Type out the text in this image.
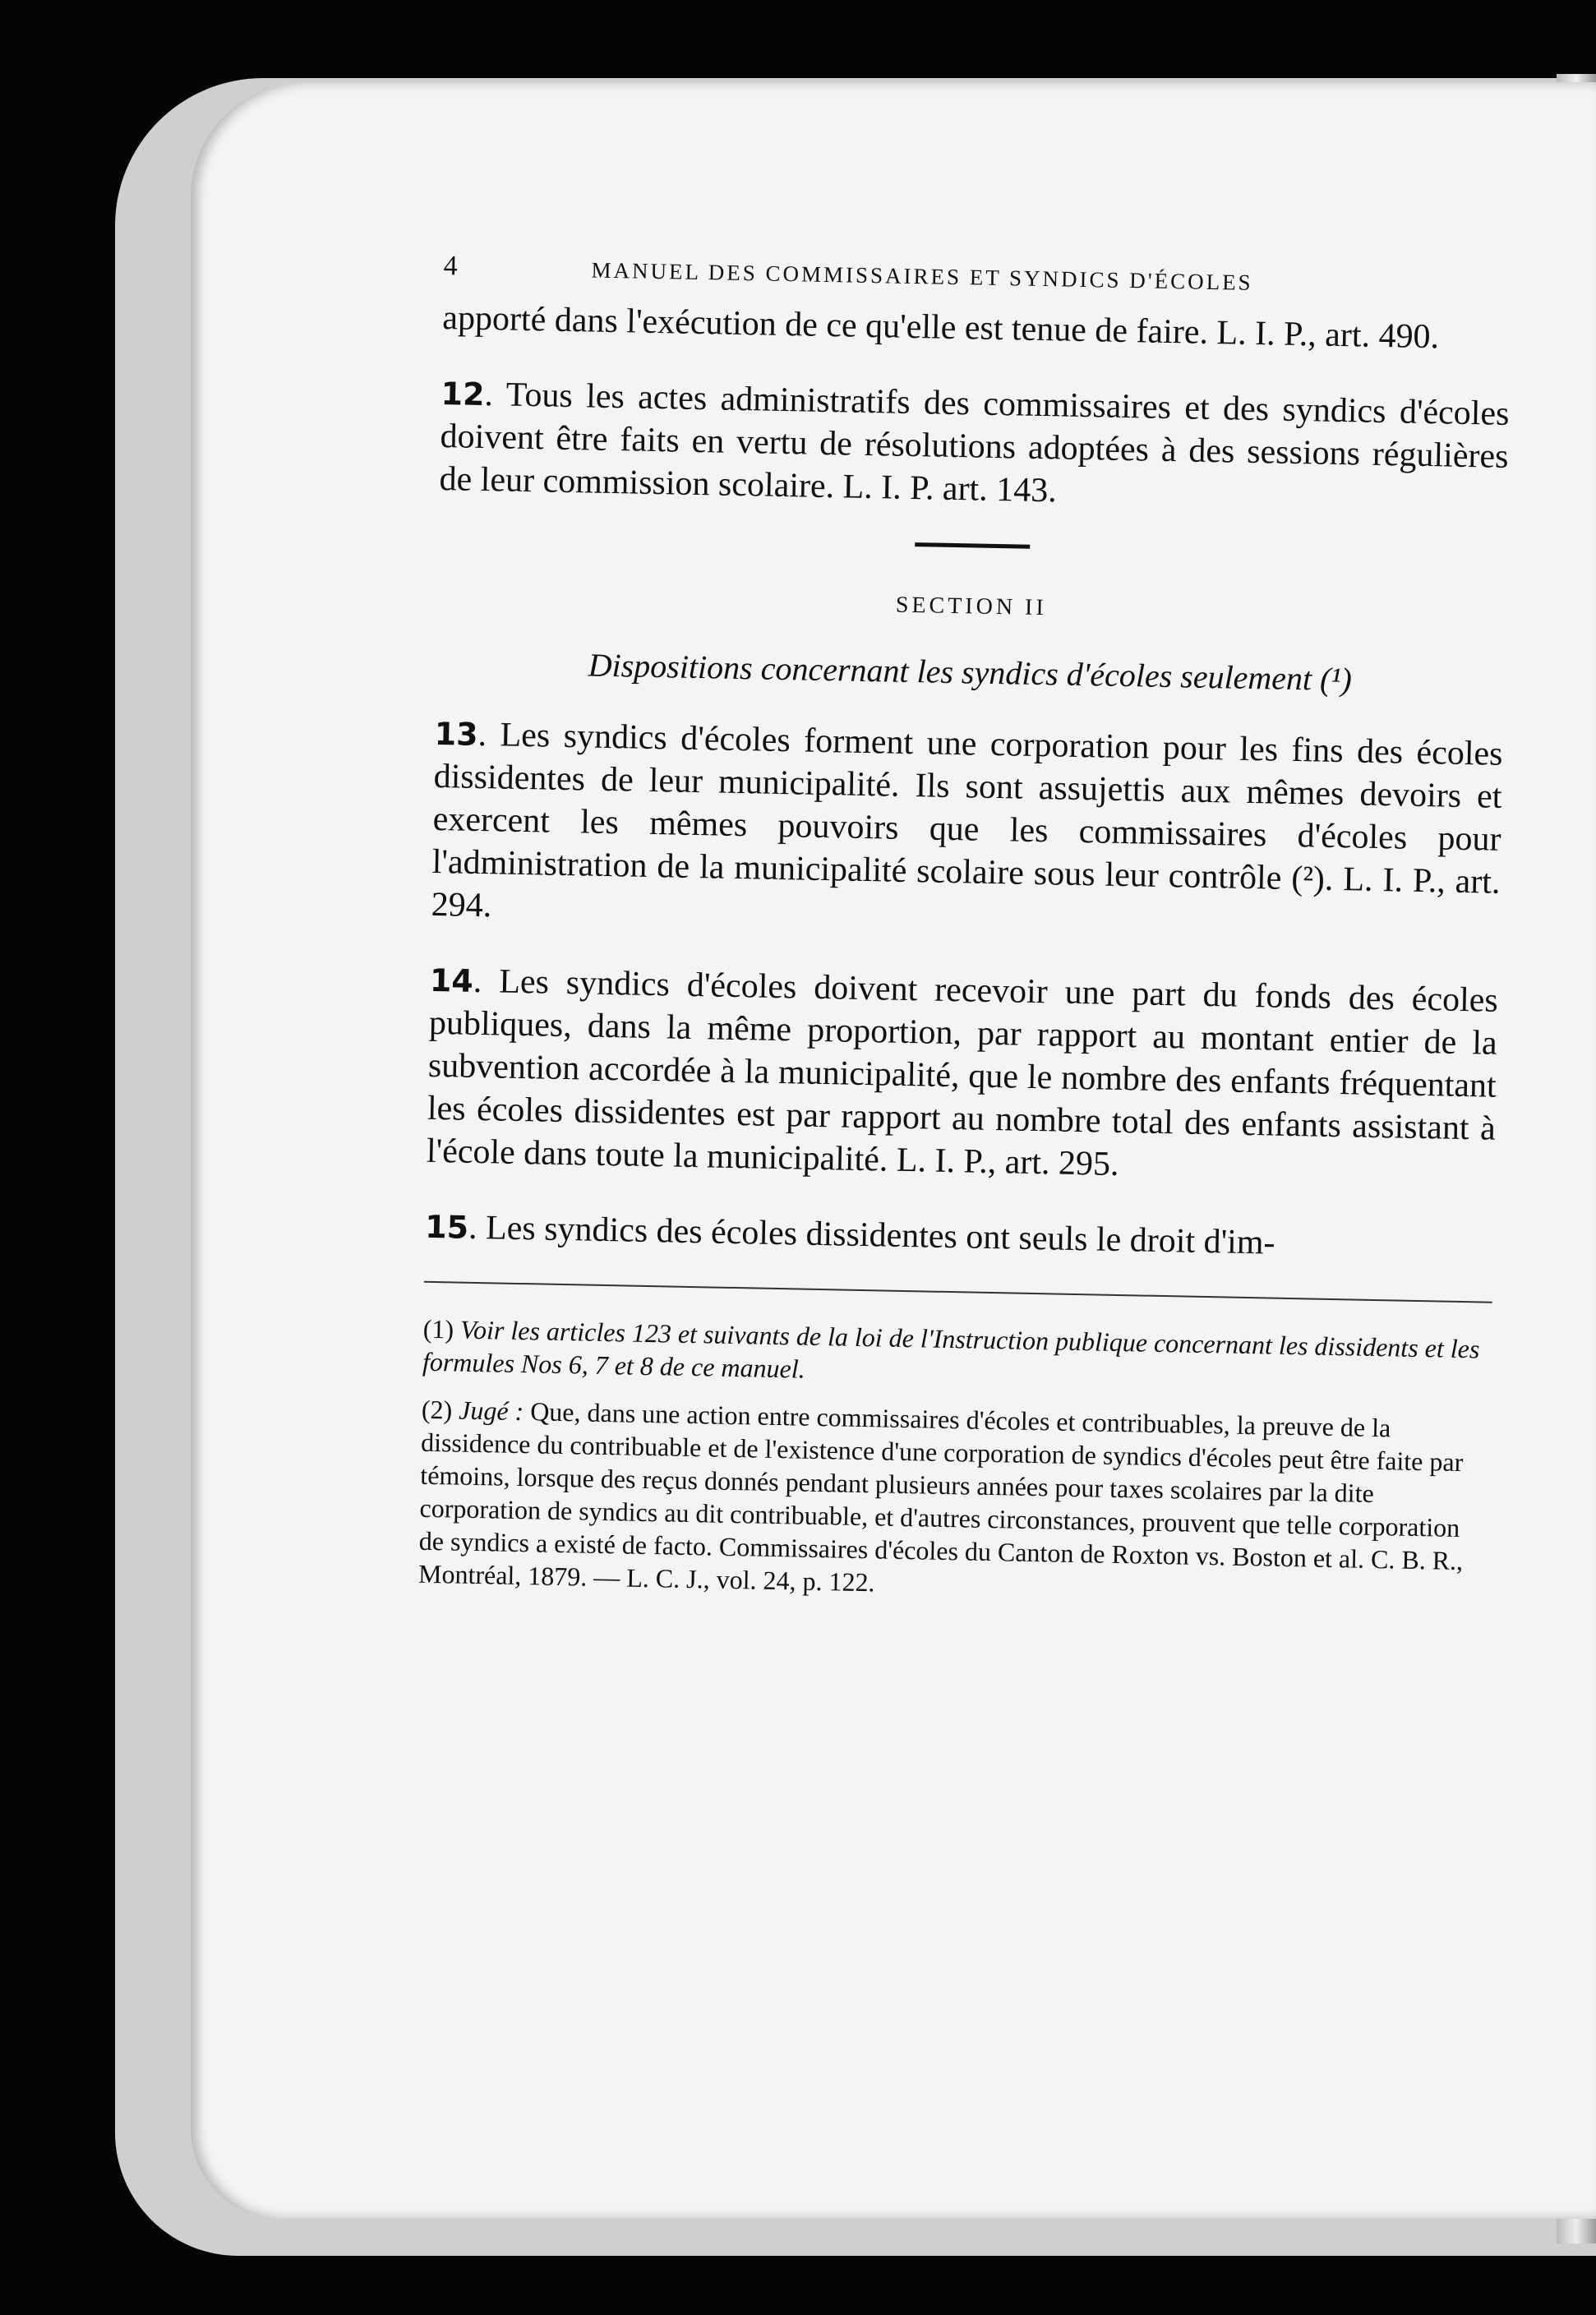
4	MANUEL DES COMMISSAIRES ET SYNDICS D'ÉCOLES

apporté dans l'exécution de ce qu'elle est tenue de faire. L. I. P., art. 490.

12. Tous les actes administratifs des commissaires et des syndics d'écoles doivent être faits en vertu de résolutions adoptées à des sessions régulières de leur commission scolaire. L. I. P. art. 143.

SECTION II
Dispositions concernant les syndics d'écoles seulement (¹)

13. Les syndics d'écoles forment une corporation pour les fins des écoles dissidentes de leur municipalité. Ils sont assujettis aux mêmes devoirs et exercent les mêmes pouvoirs que les commissaires d'écoles pour l'administration de la municipalité scolaire sous leur contrôle (²). L. I. P., art. 294.

14. Les syndics d'écoles doivent recevoir une part du fonds des écoles publiques, dans la même proportion, par rapport au montant entier de la subvention accordée à la municipalité, que le nombre des enfants fréquentant les écoles dissidentes est par rapport au nombre total des enfants assistant à l'école dans toute la municipalité. L. I. P., art. 295.

15. Les syndics des écoles dissidentes ont seuls le droit d'im-

(1) Voir les articles 123 et suivants de la loi de l'Instruction publique concernant les dissidents et les formules Nos 6, 7 et 8 de ce manuel.
(2) Jugé : Que, dans une action entre commissaires d'écoles et contribuables, la preuve de la dissidence du contribuable et de l'existence d'une corporation de syndics d'écoles peut être faite par témoins, lorsque des reçus donnés pendant plusieurs années pour taxes scolaires par la dite corporation de syndics au dit contribuable, et d'autres circonstances, prouvent que telle corporation de syndics a existé de facto. Commissaires d'écoles du Canton de Roxton vs. Boston et al. C. B. R., Montréal, 1879. — L. C. J., vol. 24, p. 122.
